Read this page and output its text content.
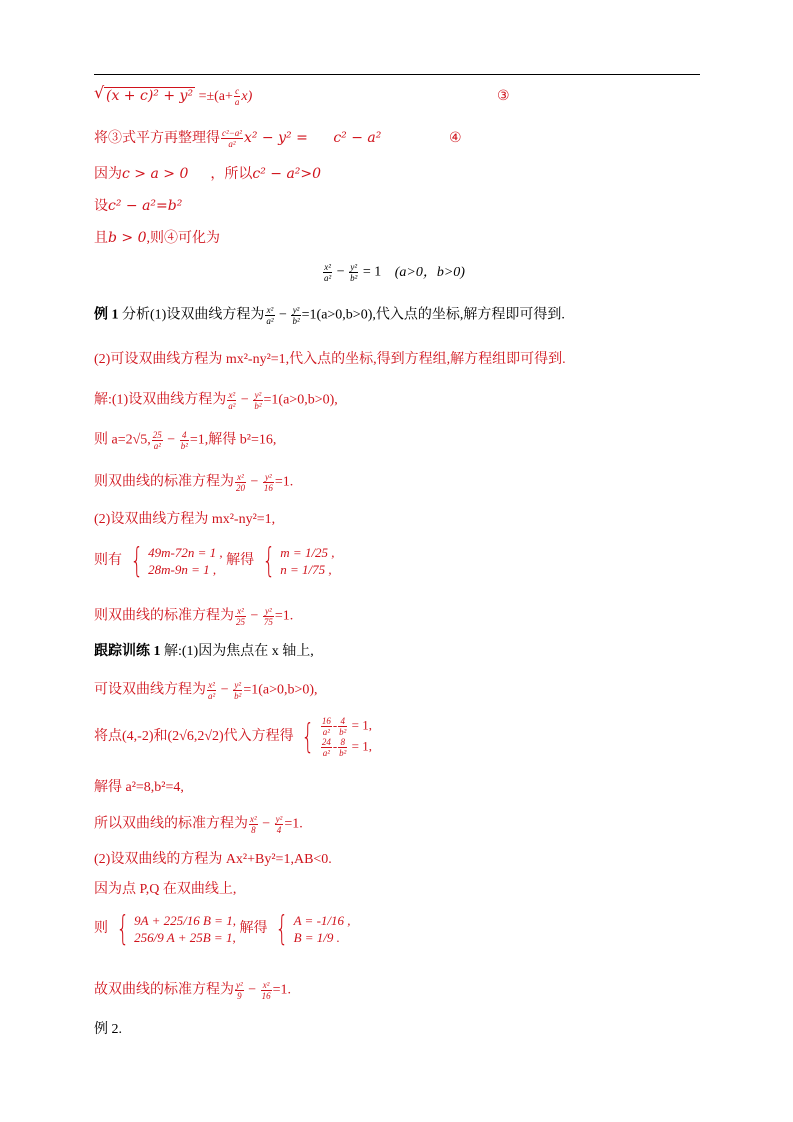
√ $(x + c)^2 + y^2 =\pm(a+ \frac{c}{a} x)$	③
将③式平方再整理得 $\frac{\text{c²−a²}}{\text{a²}} x^2 - y^2 = c^2 - a^2$	④
因为c > a > 0 ，所以c² − a²>0
设c² − a²=b²
且b > 0,则④可化为
$\frac{\text{x²}}{\text{a²}} - \frac{\text{y²}}{\text{b²}} = 1$ (a>0，b>0)
例 1 分析(1)设双曲线方程为 $\frac{\text{x²}}{\text{a²}} - \frac{\text{y²}}{\text{b²}} =1(a>0,b>0)$,代入点的坐标,解方程即可得到.
(2)可设双曲线方程为 mx²-ny²=1,代入点的坐标,得到方程组,解方程组即可得到.
解:(1)设双曲线方程为 $\frac{\text{x²}}{\text{a²}} - \frac{\text{y²}}{\text{b²}} =1(a>0,b>0)$,
则 a=2√5, $\frac{25}{\text{a²}} - \frac{4}{\text{b²}} =1$,解得 b²=16,
则双曲线的标准方程为 $\frac{\text{x²}}{20} - \frac{\text{y²}}{16} =1$.
(2)设双曲线方程为 mx²-ny²=1,
则有 { 49m-72n = 1 ,
28m-9n = 1 ,
解得 { m = 1/25 ,
n = 1/75 ,
则双曲线的标准方程为 $\frac{\text{x²}}{25} - \frac{\text{y²}}{75} =1$.
跟踪训练 1 解:(1)因为焦点在 x 轴上,
可设双曲线方程为 $\frac{\text{x²}}{\text{a²}} - \frac{\text{y²}}{\text{b²}} =1(a>0,b>0)$,
将点(4,-2)和(2√6,2√2)代入方程得 { $\frac{16}{\text{a²}} - \frac{4}{\text{b²}} = 1$,
$\frac{24}{\text{a²}} - \frac{8}{\text{b²}} = 1$,
解得 a²=8,b²=4,
所以双曲线的标准方程为 $\frac{\text{x²}}{8} - \frac{\text{y²}}{4} =1$.
(2)设双曲线的方程为 Ax²+By²=1,AB<0.
因为点 P,Q 在双曲线上,
则 { 9A + 225/16 B = 1,
256/9 A + 25B = 1,
解得 { A = -1/16 ,
B = 1/9 .
故双曲线的标准方程为 $\frac{\text{y²}}{9} - \frac{\text{x²}}{16} =1$.
例 2.
